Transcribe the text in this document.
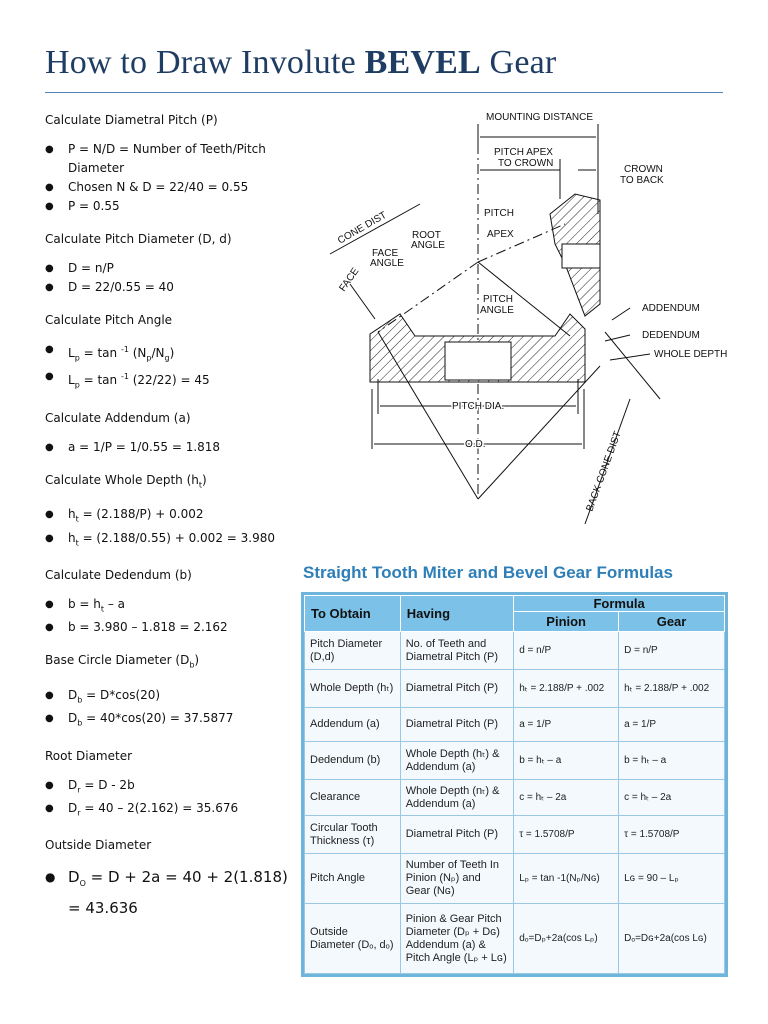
How to Draw Involute BEVEL Gear

Calculate Diametral Pitch (P)

● P = N/D = Number of Teeth/Pitch Diameter
● Chosen N & D = 22/40 = 0.55
● P = 0.55

Calculate Pitch Diameter (D, d)

● D = n/P
● D = 22/0.55 = 40

Calculate Pitch Angle

● $L_p = \tan ^{-1}$ $(N_p/N_g)$
● $L_p = \tan ^{-1}$ (22/22) = 45

Calculate Addendum (a)

● a = 1/P = 1/0.55 = 1.818

Calculate Whole Depth $(h_t)$

● $h_t = (2.188/P) + 0.002$
● $h_t = (2.188/0.55) + 0.002 = 3.980$

Calculate Dedendum (b)

● $b = h_t - a$
● b = 3.980 – 1.818 = 2.162

Base Circle Diameter $(D_b)$

● $D_b = D*\cos(20)$
● $D_b = 40*\cos(20) = 37.5877$

Root Diameter

● $D_r = D - 2b$
● $D_r = 40 - 2(2.162) = 35.676$

Outside Diameter

● $D_O = D + 2a = 40 + 2(1.818) = 43.636$
MOUNTING DISTANCE
PITCH APEX
TO CROWN
CROWN
TO BACK
PITCH
APEX
ROOT
ANGLE
FACE
ANGLE
CONE DIST
FACE
PITCH
ANGLE	ADDENDUM
DEDENDUM
WHOLE DEPTH
PITCH DIA.
O.D.	BACK CONE DIST
Straight Tooth Miter and Bevel Gear Formulas
To Obtain	Having	Formula	
		Pinion	Gear
Pitch Diameter (D,d)	No. of Teeth and Diametral Pitch (P)	d = n/P	D = n/P
Whole Depth (hₜ)	Diametral Pitch (P)	hₜ = 2.188/P + .002	hₜ = 2.188/P + .002
Addendum (a)	Diametral Pitch (P)	a = 1/P	a = 1/P
Dedendum (b)	Whole Depth (hₜ) & Addendum (a)	b = hₜ – a	b = hₜ – a
Clearance	Whole Depth (nₜ) & Addendum (a)	c = hₜ – 2a	c = hₜ – 2a
Circular Tooth Thickness (τ)	Diametral Pitch (P)	τ = 1.5708/P	τ = 1.5708/P
Pitch Angle	Number of Teeth In Pinion (Nₚ) and Gear (Nɢ)	Lₚ = tan -1(Nₚ/Nɢ)	Lɢ = 90 – Lₚ
Outside Diameter (Dₒ, dₒ)	Pinion & Gear Pitch Diameter (Dₚ + Dɢ) Addendum (a) & Pitch Angle (Lₚ + Lɢ)	dₒ=Dₚ+2a(cos Lₚ)	Dₒ=Dɢ+2a(cos Lɢ)
